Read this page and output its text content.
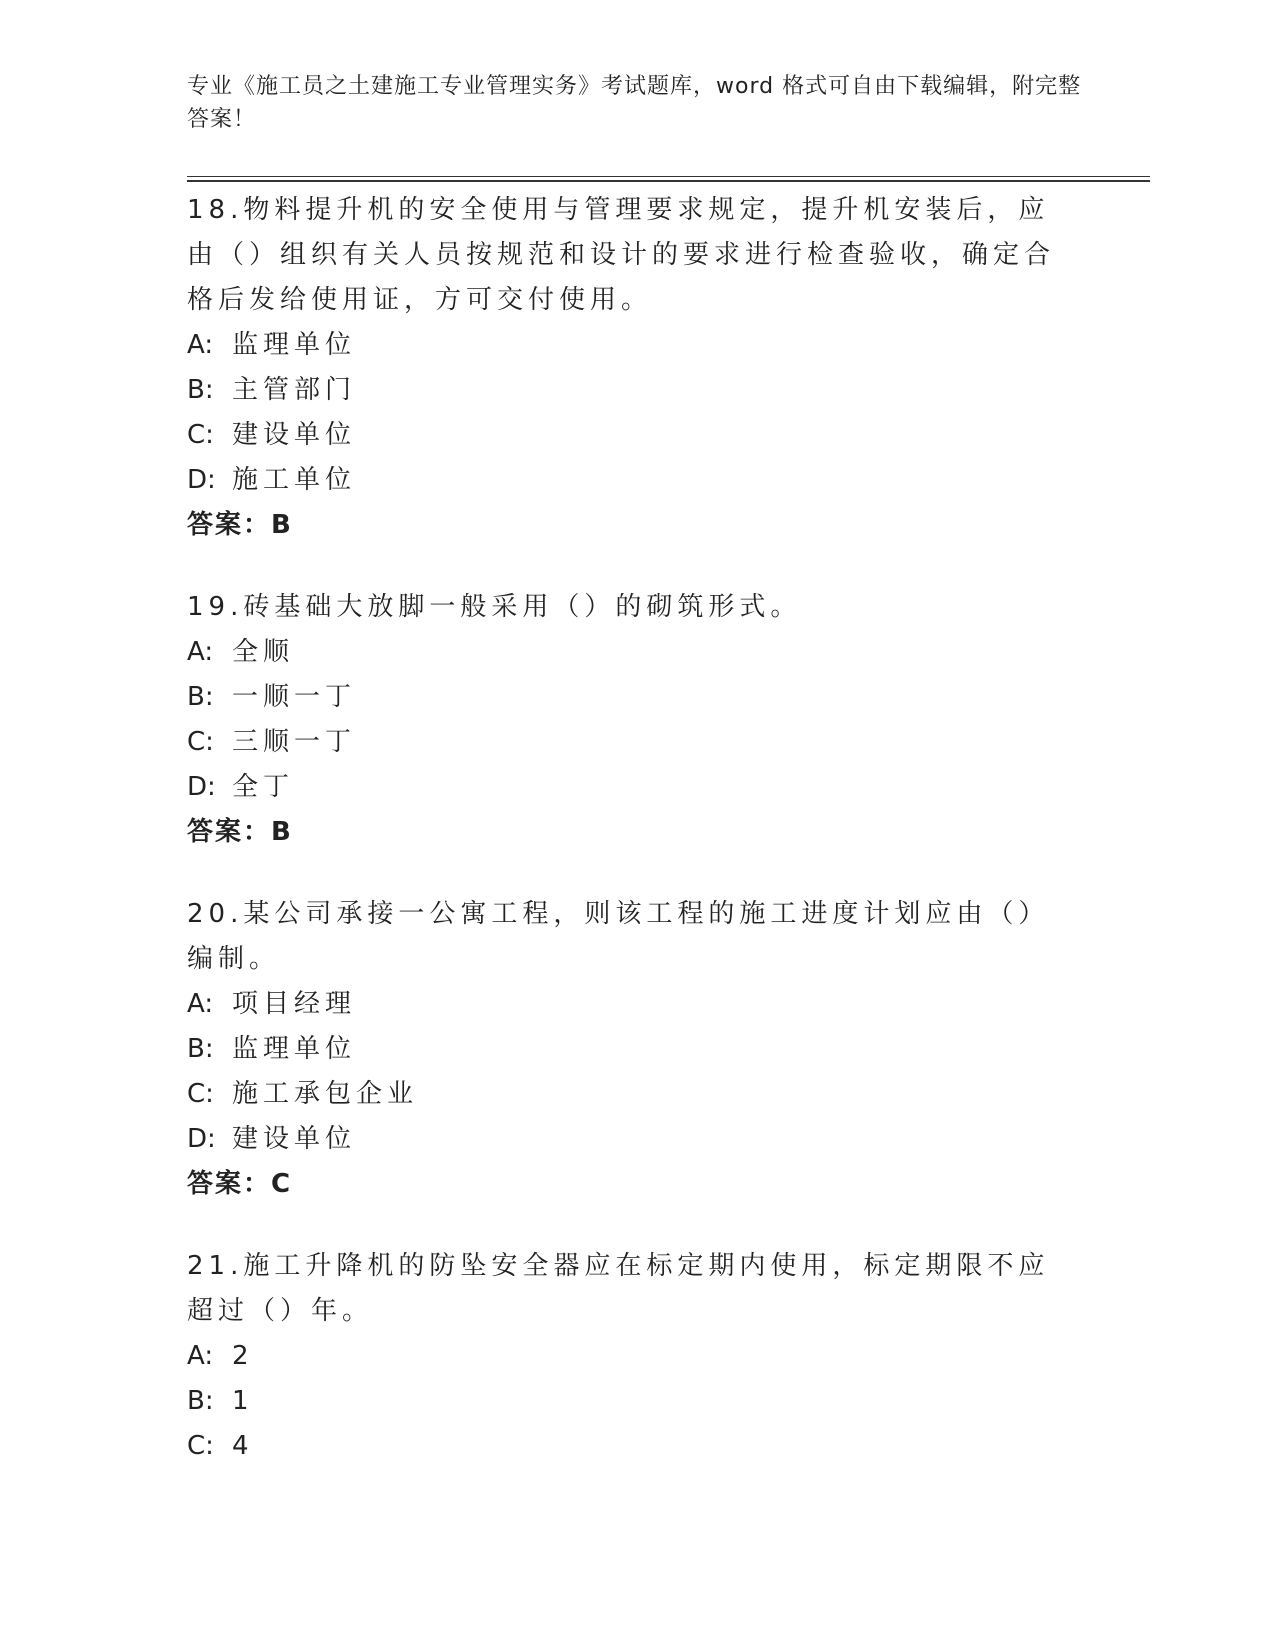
专业《施工员之土建施工专业管理实务》考试题库，word 格式可自由下载编辑，附完整答案！

18.物料提升机的安全使用与管理要求规定，提升机安装后，应由（）组织有关人员按规范和设计的要求进行检查验收，确定合格后发给使用证，方可交付使用。

A: 监理单位

B: 主管部门

C: 建设单位

D: 施工单位

答案：B

19.砖基础大放脚一般采用（）的砌筑形式。

A: 全顺

B: 一顺一丁

C: 三顺一丁

D: 全丁

答案：B

20.某公司承接一公寓工程，则该工程的施工进度计划应由（）编制。

A: 项目经理

B: 监理单位

C: 施工承包企业

D: 建设单位

答案：C

21.施工升降机的防坠安全器应在标定期内使用，标定期限不应超过（）年。

A: 2

B: 1

C: 4
